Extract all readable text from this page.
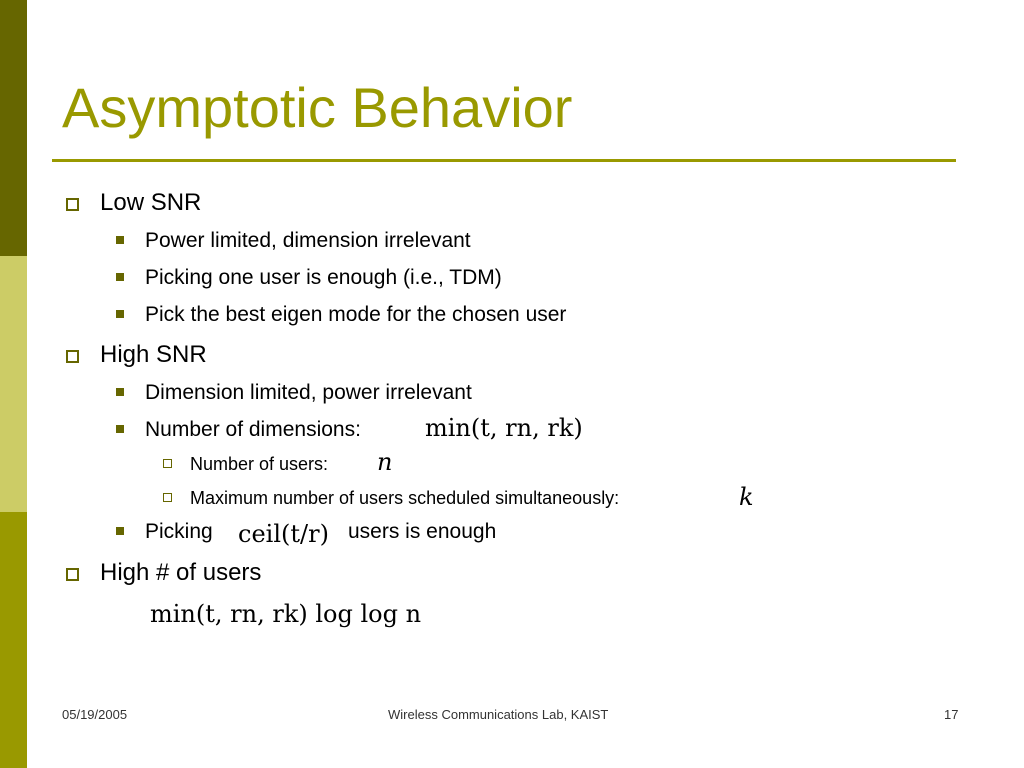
Asymptotic Behavior
Low SNR
Power limited, dimension irrelevant
Picking one user is enough (i.e., TDM)
Pick the best eigen mode for the chosen user
High SNR
Dimension limited, power irrelevant
Number of dimensions:	min(t, rn, rk)
Number of users: n
Maximum number of users scheduled simultaneously:	k
Picking ceil(t/r) users is enough
High # of users
min(t, rn, rk) log log n
05/19/2005	Wireless Communications Lab, KAIST	17
